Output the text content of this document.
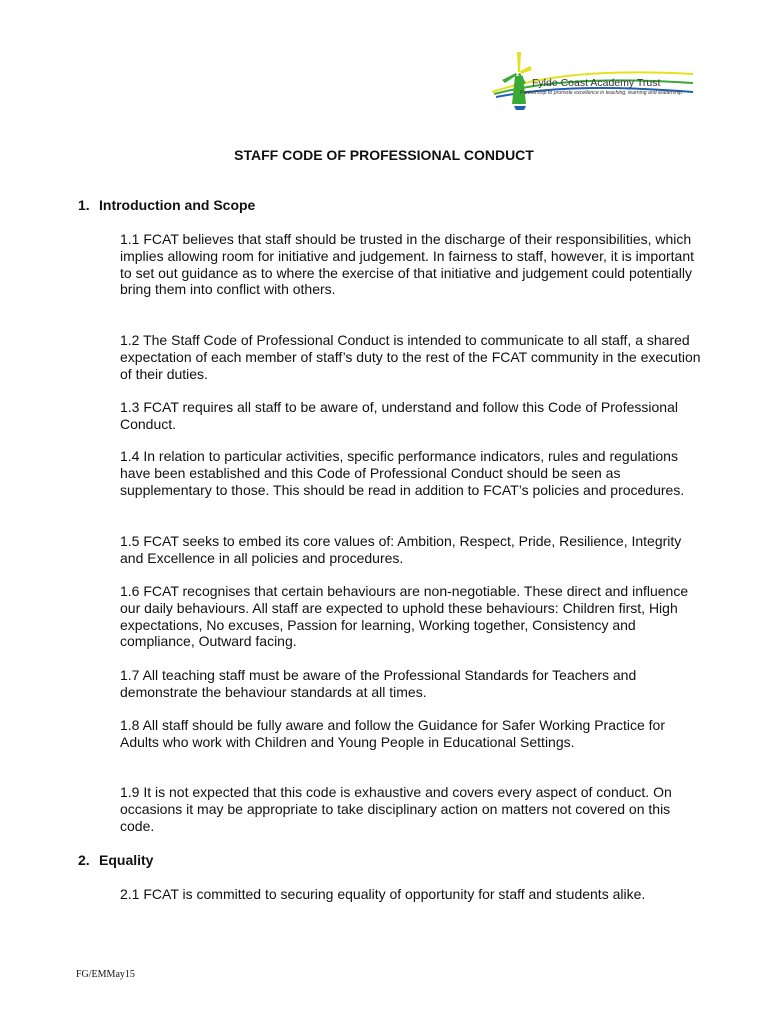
Fylde Coast Academy Trust
Partnership to promote excellence in teaching, learning and leadership
STAFF CODE OF PROFESSIONAL CONDUCT
1. Introduction and Scope
1.1 FCAT believes that staff should be trusted in the discharge of their responsibilities, which implies allowing room for initiative and judgement. In fairness to staff, however, it is important to set out guidance as to where the exercise of that initiative and judgement could potentially bring them into conflict with others.
1.2 The Staff Code of Professional Conduct is intended to communicate to all staff, a shared expectation of each member of staff’s duty to the rest of the FCAT community in the execution of their duties.
1.3 FCAT requires all staff to be aware of, understand and follow this Code of Professional Conduct.
1.4 In relation to particular activities, specific performance indicators, rules and regulations have been established and this Code of Professional Conduct should be seen as supplementary to those. This should be read in addition to FCAT’s policies and procedures.
1.5 FCAT seeks to embed its core values of: Ambition, Respect, Pride, Resilience, Integrity and Excellence in all policies and procedures.
1.6 FCAT recognises that certain behaviours are non-negotiable. These direct and influence our daily behaviours. All staff are expected to uphold these behaviours: Children first, High expectations, No excuses, Passion for learning, Working together, Consistency and compliance, Outward facing.
1.7 All teaching staff must be aware of the Professional Standards for Teachers and demonstrate the behaviour standards at all times.
1.8 All staff should be fully aware and follow the Guidance for Safer Working Practice for Adults who work with Children and Young People in Educational Settings.
1.9 It is not expected that this code is exhaustive and covers every aspect of conduct. On occasions it may be appropriate to take disciplinary action on matters not covered on this code.
2. Equality
2.1 FCAT is committed to securing equality of opportunity for staff and students alike.
FG/EMMay15
